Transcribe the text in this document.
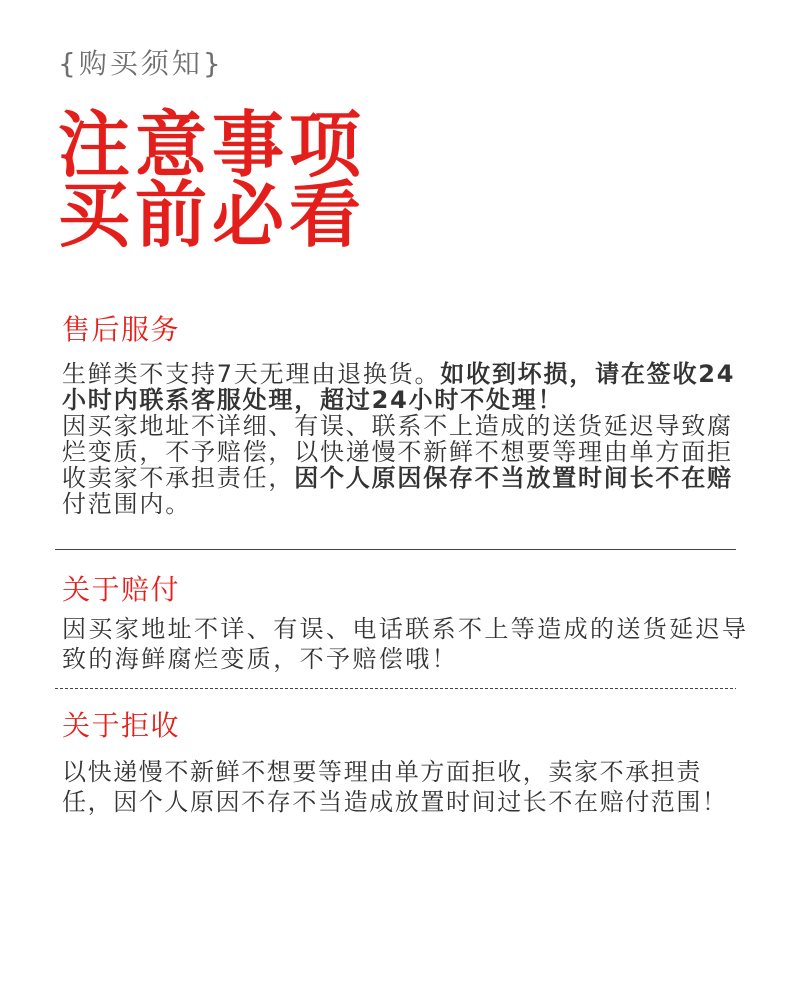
{购买须知}
注意事项
买前必看
售后服务
生鲜类不支持7天无理由退换货。如收到坏损，请在签收24
小时内联系客服处理，超过24小时不处理！
因买家地址不详细、有误、联系不上造成的送货延迟导致腐
烂变质，不予赔偿，以快递慢不新鲜不想要等理由单方面拒
收卖家不承担责任，因个人原因保存不当放置时间长不在赔
付范围内。
关于赔付
因买家地址不详、有误、电话联系不上等造成的送货延迟导
致的海鲜腐烂变质，不予赔偿哦！
关于拒收
以快递慢不新鲜不想要等理由单方面拒收，卖家不承担责
任，因个人原因不存不当造成放置时间过长不在赔付范围！
